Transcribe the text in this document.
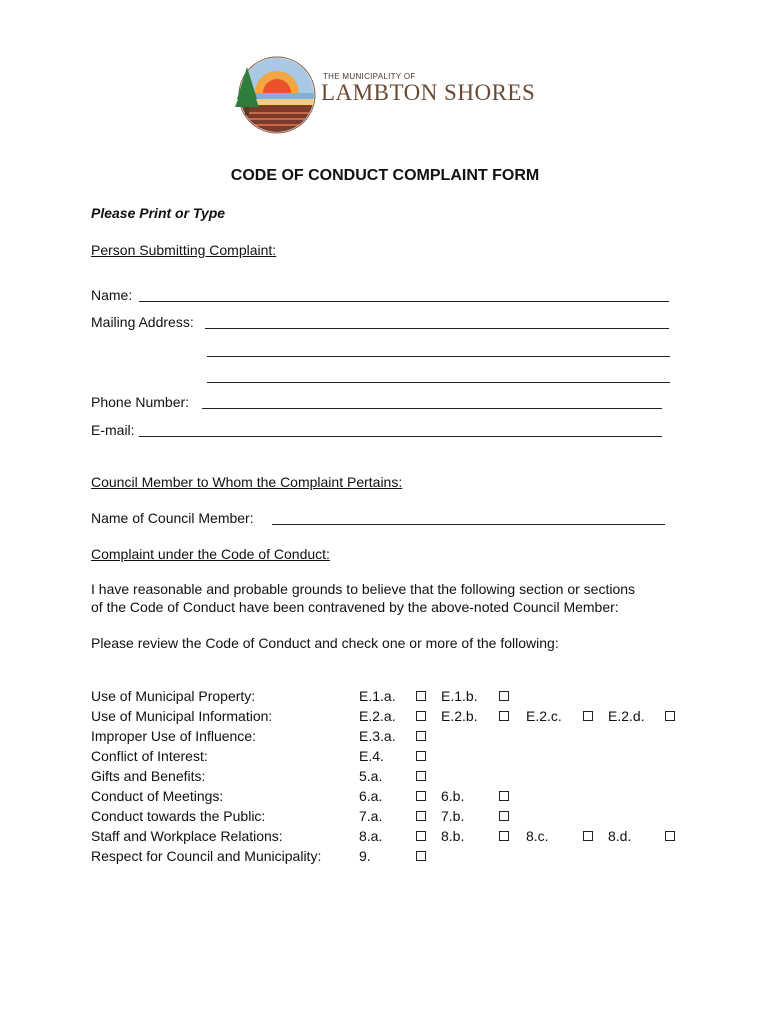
THE MUNICIPALITY OF
LAMBTON SHORES
CODE OF CONDUCT COMPLAINT FORM
Please Print or Type
Person Submitting Complaint:
Name:
Mailing Address:
Phone Number:
E-mail:
Council Member to Whom the Complaint Pertains:
Name of Council Member:
Complaint under the Code of Conduct:
I have reasonable and probable grounds to believe that the following section or sections
of the Code of Conduct have been contravened by the above-noted Council Member:
Please review the Code of Conduct and check one or more of the following:
Use of Municipal Property:	E.1.a.	E.1.b.
Use of Municipal Information:	E.2.a.	E.2.b.	E.2.c.	E.2.d.
Improper Use of Influence:	E.3.a.
Conflict of Interest:	E.4.
Gifts and Benefits:	5.a.
Conduct of Meetings:	6.a.	6.b.
Conduct towards the Public:	7.a.	7.b.
Staff and Workplace Relations:	8.a.	8.b.	8.c.	8.d.
Respect for Council and Municipality:	9.
